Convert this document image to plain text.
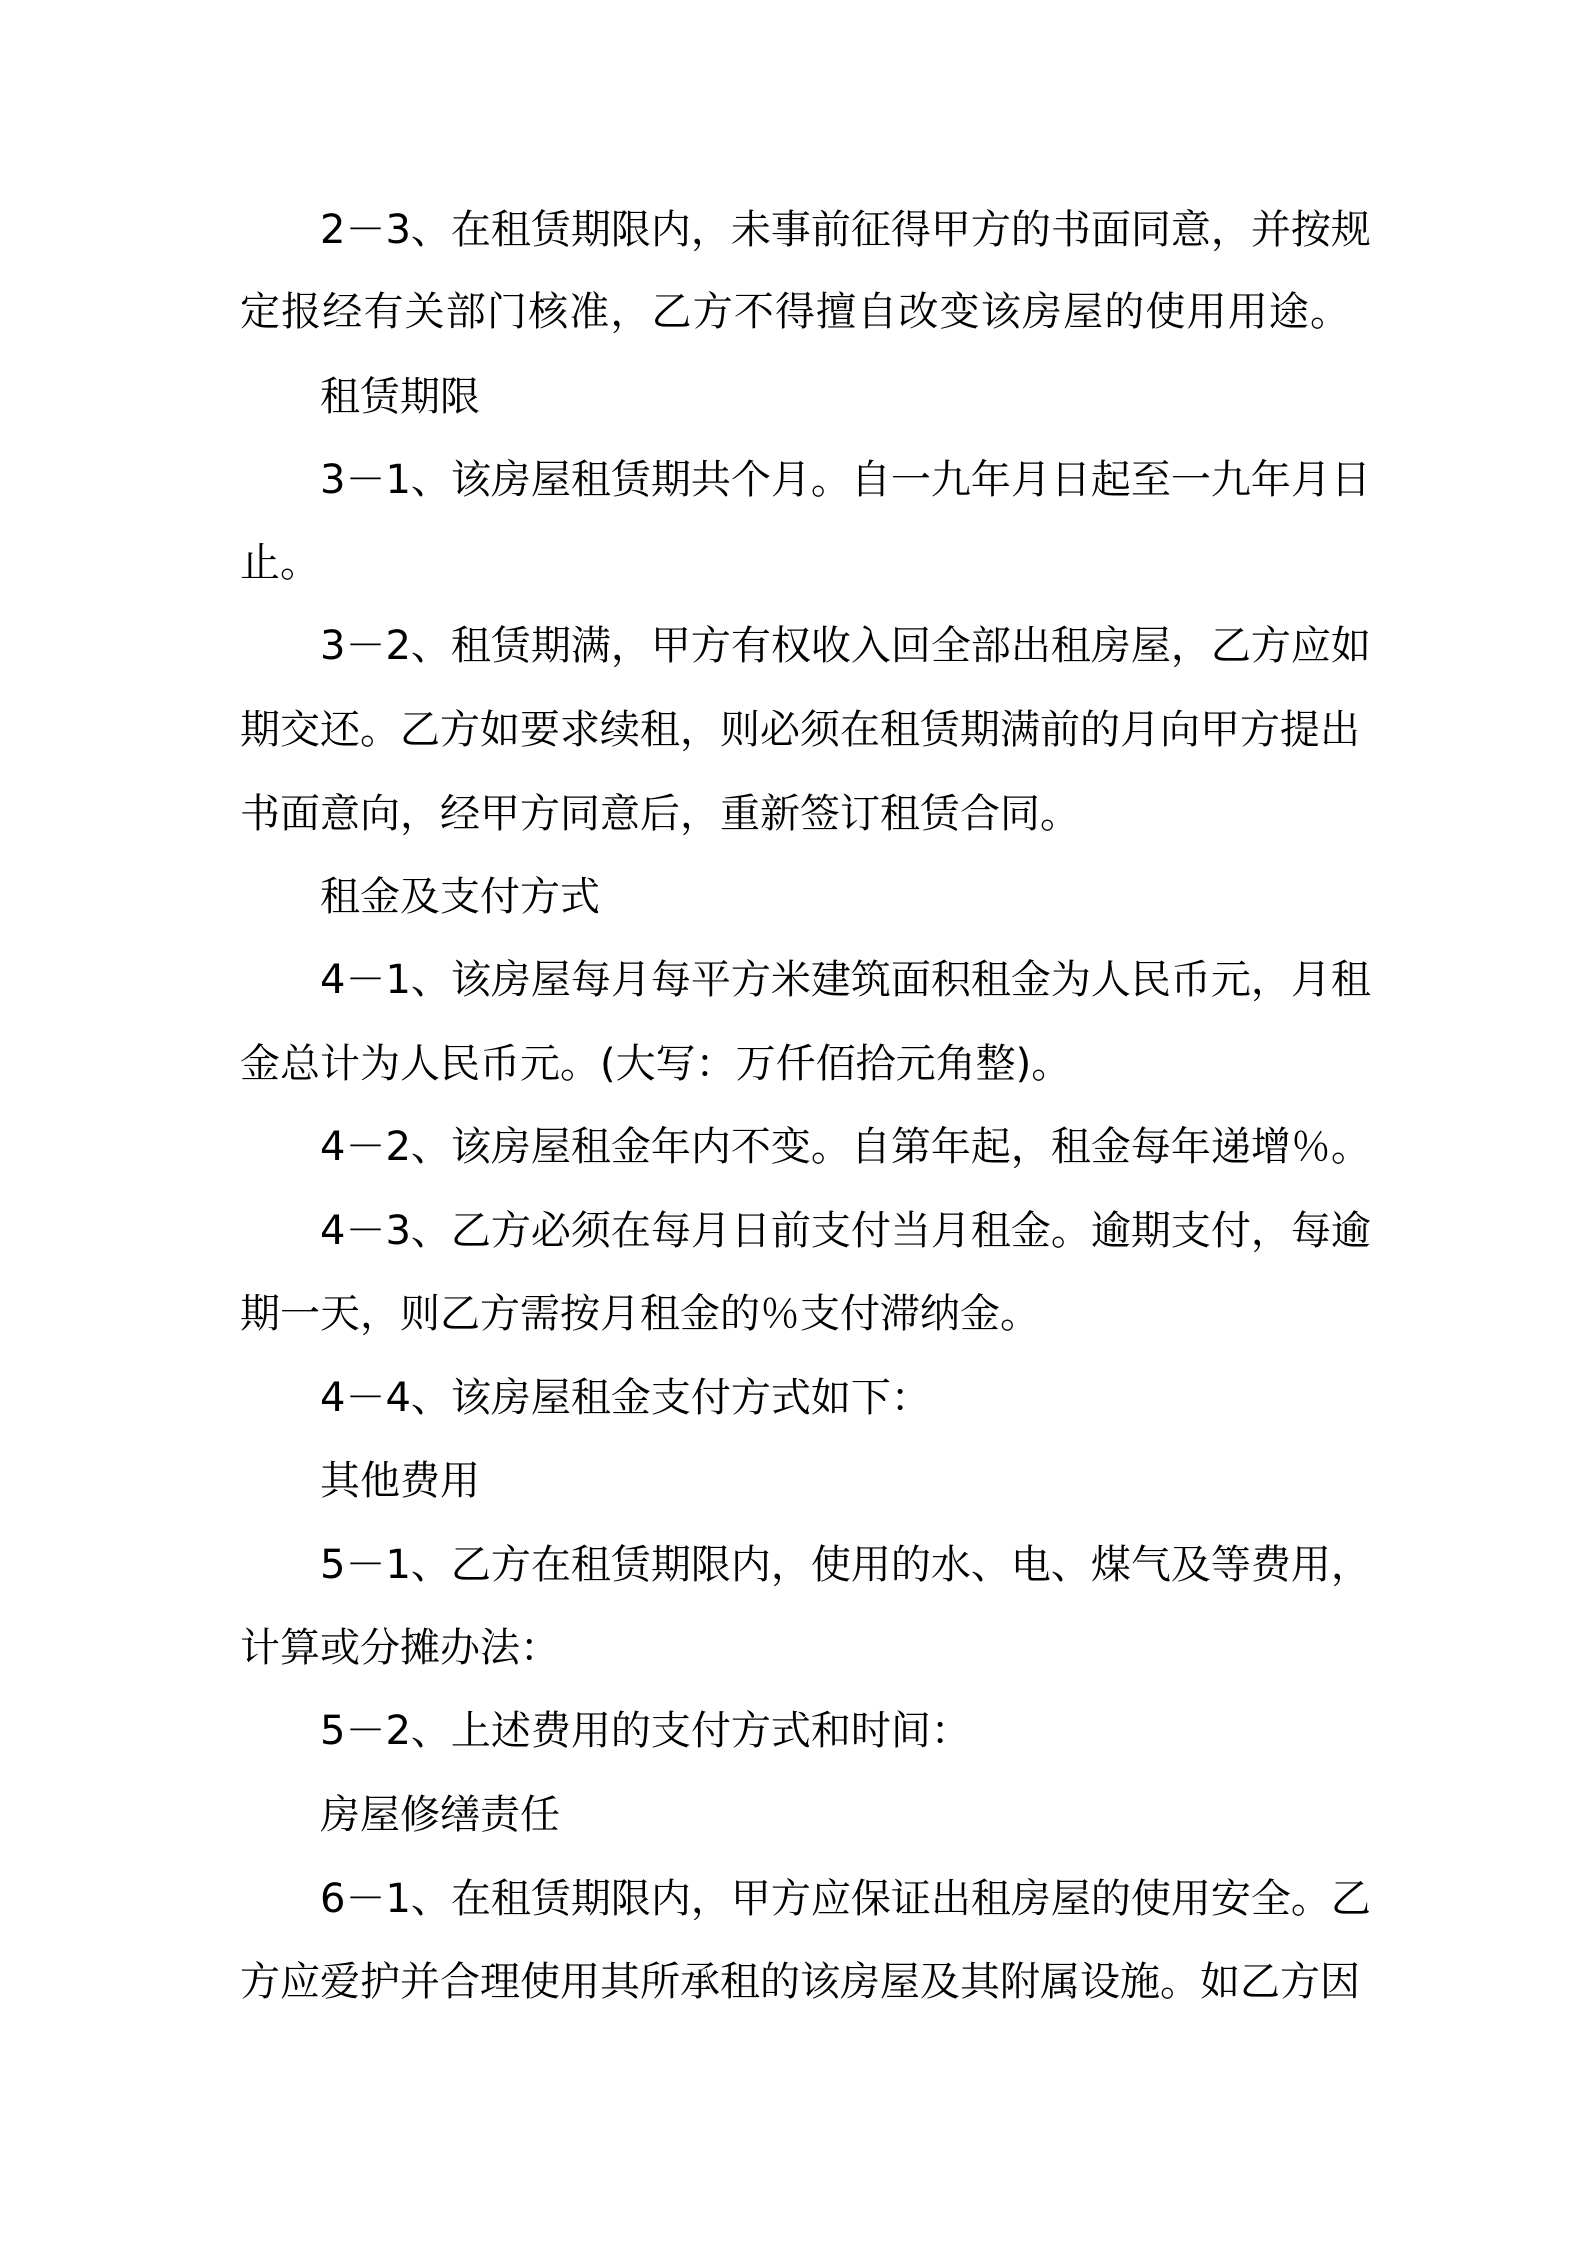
2－3、在租赁期限内，未事前征得甲方的书面同意，并按规
定报经有关部门核准，乙方不得擅自改变该房屋的使用用途。
租赁期限
3－1、该房屋租赁期共个月。自一九年月日起至一九年月日
止。
3－2、租赁期满，甲方有权收入回全部出租房屋，乙方应如
期交还。乙方如要求续租，则必须在租赁期满前的月向甲方提出
书面意向，经甲方同意后，重新签订租赁合同。
租金及支付方式
4－1、该房屋每月每平方米建筑面积租金为人民币元，月租
金总计为人民币元。(大写：万仟佰拾元角整)。
4－2、该房屋租金年内不变。自第年起，租金每年递增％。
4－3、乙方必须在每月日前支付当月租金。逾期支付，每逾
期一天，则乙方需按月租金的％支付滞纳金。
4－4、该房屋租金支付方式如下：
其他费用
5－1、乙方在租赁期限内，使用的水、电、煤气及等费用，
计算或分摊办法：
5－2、上述费用的支付方式和时间：
房屋修缮责任
6－1、在租赁期限内，甲方应保证出租房屋的使用安全。乙
方应爱护并合理使用其所承租的该房屋及其附属设施。如乙方因
